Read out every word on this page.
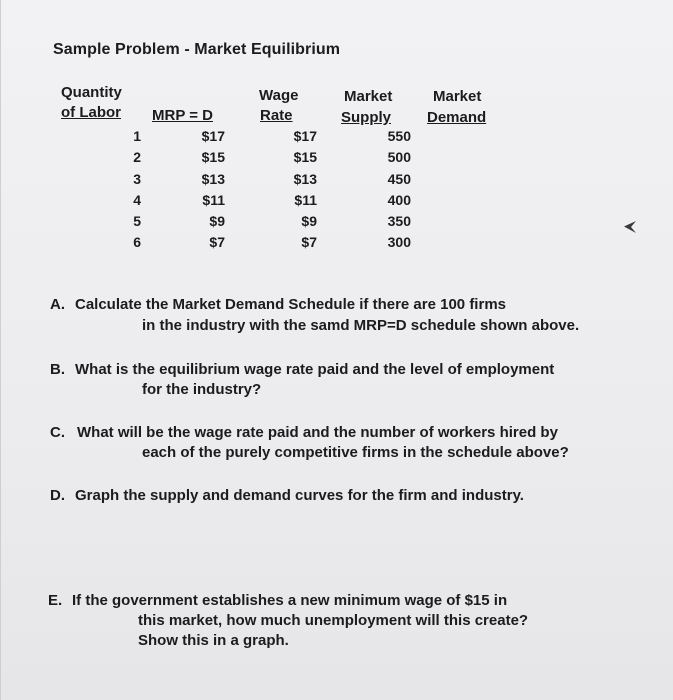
Sample Problem - Market Equilibrium
Quantity
of Labor MRP = D
Wage
Rate
Market
Supply
Market
Demand
1
2
3
4
5
6
$17
$15
$13
$11
$9
$7
$17
$15
$13
$11
$9
$7
550
500
450
400
350
300
A. Calculate the Market Demand Schedule if there are 100 firms
in the industry with the samd MRP=D schedule shown above.
B. What is the equilibrium wage rate paid and the level of employment
for the industry?
C. What will be the wage rate paid and the number of workers hired by
each of the purely competitive firms in the schedule above?
D. Graph the supply and demand curves for the firm and industry.
E. If the government establishes a new minimum wage of $15 in
this market, how much unemployment will this create?
Show this in a graph.
